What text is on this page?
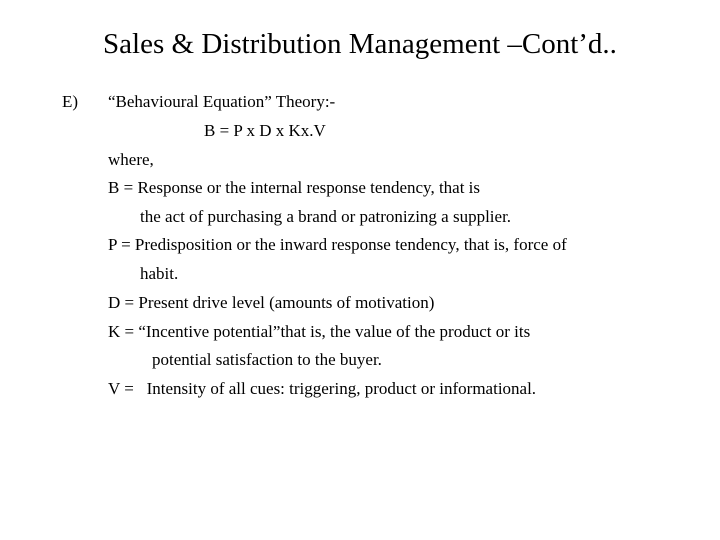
Sales & Distribution Management –Cont’d..
E) “Behavioural Equation” Theory:-
B = P x D x Kx.V
where,
B = Response or the internal response tendency, that is
the act of purchasing a brand or patronizing a supplier.
P = Predisposition or the inward response tendency, that is, force of
habit.
D = Present drive level (amounts of motivation)
K = “Incentive potential”that is, the value of the product or its
potential satisfaction to the buyer.
V =   Intensity of all cues: triggering, product or informational.
